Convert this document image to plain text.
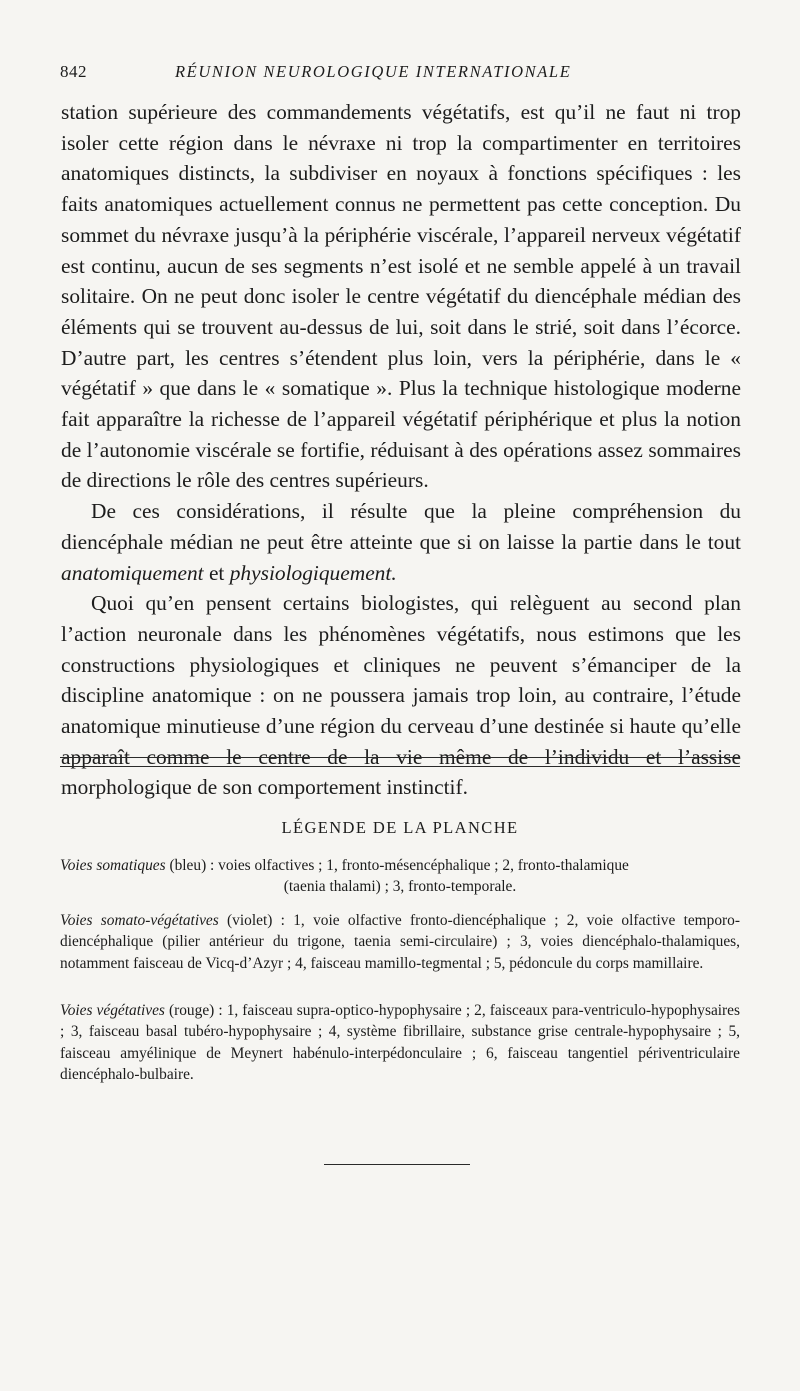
842	RÉUNION NEUROLOGIQUE INTERNATIONALE

station supérieure des commandements végétatifs, est qu’il ne faut ni trop isoler cette région dans le névraxe ni trop la compartimenter en territoires anatomiques distincts, la subdiviser en noyaux à fonctions spécifiques : les faits anatomiques actuellement connus ne permettent pas cette conception. Du sommet du névraxe jusqu’à la périphérie viscérale, l’appareil nerveux végétatif est continu, aucun de ses segments n’est isolé et ne semble appelé à un travail solitaire. On ne peut donc isoler le centre végétatif du diencéphale médian des éléments qui se trouvent au-dessus de lui, soit dans le strié, soit dans l’écorce. D’autre part, les centres s’étendent plus loin, vers la périphérie, dans le « végétatif » que dans le « somatique ». Plus la technique histologique moderne fait apparaître la richesse de l’appareil végétatif périphérique et plus la notion de l’autonomie viscérale se fortifie, réduisant à des opérations assez sommaires de directions le rôle des centres supérieurs.

De ces considérations, il résulte que la pleine compréhension du diencéphale médian ne peut être atteinte que si on laisse la partie dans le tout anatomiquement et physiologiquement.

Quoi qu’en pensent certains biologistes, qui relèguent au second plan l’action neuronale dans les phénomènes végétatifs, nous estimons que les constructions physiologiques et cliniques ne peuvent s’émanciper de la discipline anatomique : on ne poussera jamais trop loin, au contraire, l’étude anatomique minutieuse d’une région du cerveau d’une destinée si haute qu’elle apparaît comme le centre de la vie même de l’individu et l’assise morphologique de son comportement instinctif.

LÉGENDE DE LA PLANCHE
Voies somatiques (bleu) : voies olfactives ; 1, fronto-mésencéphalique ; 2, fronto-thalamique
(taenia thalami) ; 3, fronto-temporale.
Voies somato-végétatives (violet) : 1, voie olfactive fronto-diencéphalique ; 2, voie olfactive temporo-diencéphalique (pilier antérieur du trigone, taenia semi-circulaire) ; 3, voies diencéphalo-thalamiques, notamment faisceau de Vicq-d’Azyr ; 4, faisceau mamillo-tegmental ; 5, pédoncule du corps mamillaire.
Voies végétatives (rouge) : 1, faisceau supra-optico-hypophysaire ; 2, faisceaux para-ventriculo-hypophysaires ; 3, faisceau basal tubéro-hypophysaire ; 4, système fibrillaire, substance grise centrale-hypophysaire ; 5, faisceau amyélinique de Meynert habénulo-interpédonculaire ; 6, faisceau tangentiel périventriculaire diencéphalo-bulbaire.
